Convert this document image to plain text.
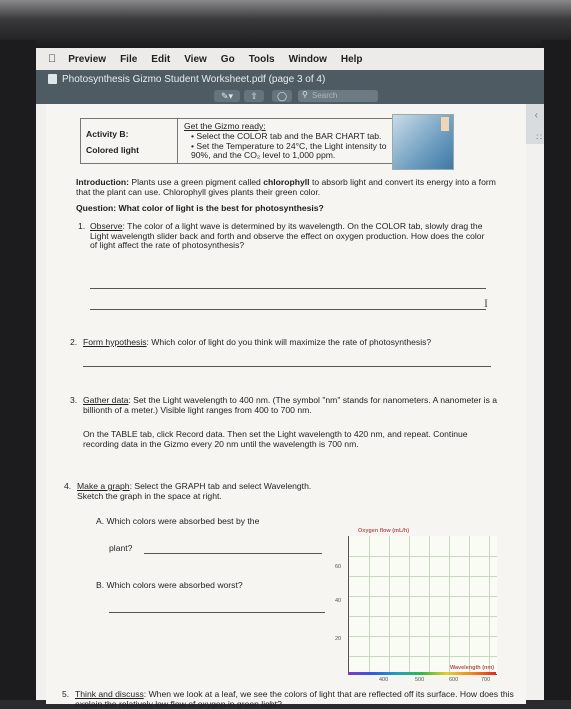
Preview File Edit View Go Tools Window Help
Photosynthesis Gizmo Student Worksheet.pdf (page 3 of 4)
✎▾	⇧	◯	Search
⚲
‹
∷
Activity B:
Colored light
Get the Gizmo ready:
• Select the COLOR tab and the BAR CHART tab.
• Set the Temperature to 24°C, the Light intensity to 90%, and the CO₂ level to 1,000 ppm.
Introduction: Plants use a green pigment called chlorophyll to absorb light and convert its energy into a form that the plant can use. Chlorophyll gives plants their green color.
Question: What color of light is the best for photosynthesis?
1. Observe: The color of a light wave is determined by its wavelength. On the COLOR tab, slowly drag the Light wavelength slider back and forth and observe the effect on oxygen production. How does the color of light affect the rate of photosynthesis?
I
2. Form hypothesis: Which color of light do you think will maximize the rate of photosynthesis?
3. Gather data: Set the Light wavelength to 400 nm. (The symbol "nm" stands for nanometers. A nanometer is a billionth of a meter.) Visible light ranges from 400 to 700 nm.
On the TABLE tab, click Record data. Then set the Light wavelength to 420 nm, and repeat. Continue recording data in the Gizmo every 20 nm until the wavelength is 700 nm.
4. Make a graph: Select the GRAPH tab and select Wavelength. Sketch the graph in the space at right.
A. Which colors were absorbed best by the
plant?
B. Which colors were absorbed worst?
Oxygen flow (mL/h)
60
40
20
400	500	600	700
Wavelength (nm)
5. Think and discuss: When we look at a leaf, we see the colors of light that are reflected off its surface. How does this explain the relatively low flow of oxygen in green light?
